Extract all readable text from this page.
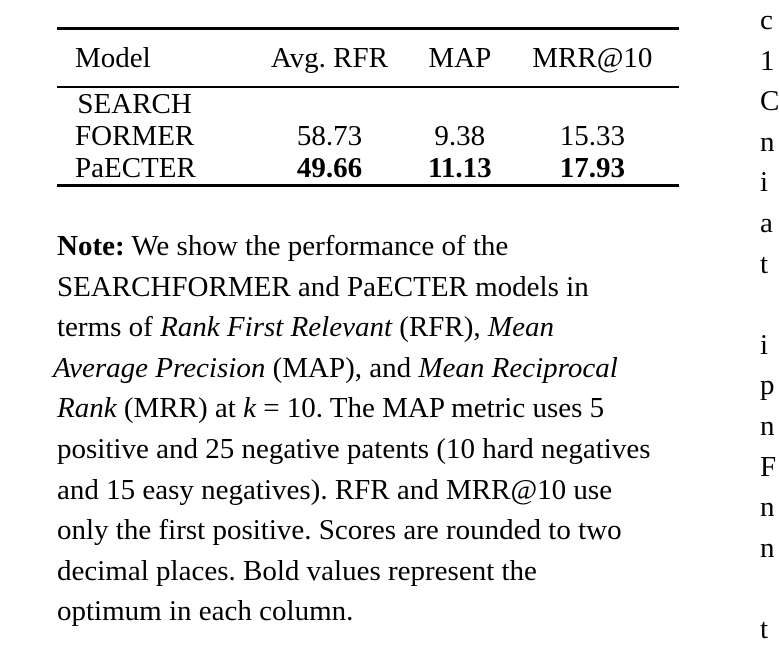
Model	Avg. RFR	MAP	MRR@10
SEARCH
FORMER	58.73	9.38	15.33
PaECTER	49.66	11.13	17.93
Note: We show the performance of the
SEARCHFORMER and PaECTER models in
terms of Rank First Relevant (RFR), Mean
Average Precision (MAP), and Mean Reciprocal
Rank (MRR) at k = 10. The MAP metric uses 5
positive and 25 negative patents (10 hard negatives
and 15 easy negatives). RFR and MRR@10 use
only the first positive. Scores are rounded to two
decimal places. Bold values represent the
optimum in each column.
c
1
C
n
i
a
t
i
p
n
F
n
n
t
